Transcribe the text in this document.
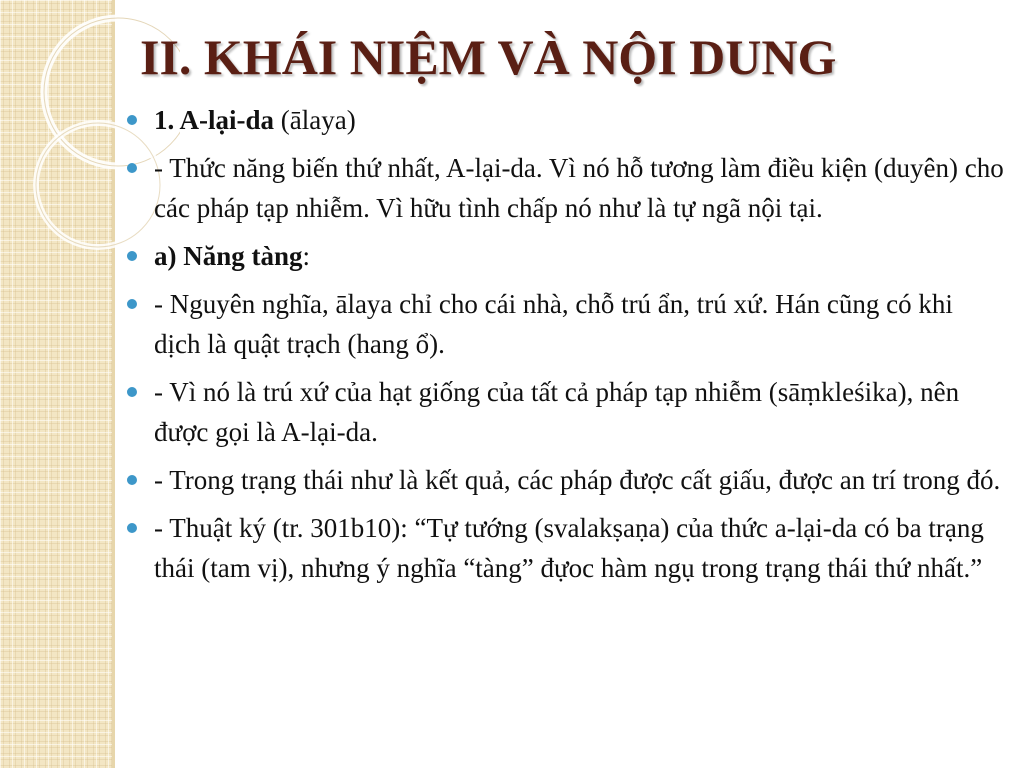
II. KHÁI NIỆM VÀ NỘI DUNG
1. A-lại-da (ālaya)
- Thức năng biến thứ nhất, A-lại-da. Vì nó hỗ tương làm điều kiện (duyên) cho các pháp tạp nhiễm. Vì hữu tình chấp nó như là tự ngã nội tại.
a) Năng tàng:
- Nguyên nghĩa, ālaya chỉ cho cái nhà, chỗ trú ẩn, trú xứ. Hán cũng có khi dịch là quật trạch (hang ổ).
- Vì nó là trú xứ của hạt giống của tất cả pháp tạp nhiễm (sāṃkleśika), nên được gọi là A-lại-da.
- Trong trạng thái như là kết quả, các pháp được cất giấu, được an trí trong đó.
- Thuật ký (tr. 301b10): “Tự tướng (svalakṣaṇa) của thức a-lại-da có ba trạng thái (tam vị), nhưng ý nghĩa “tàng” đựoc hàm ngụ trong trạng thái thứ nhất.”
